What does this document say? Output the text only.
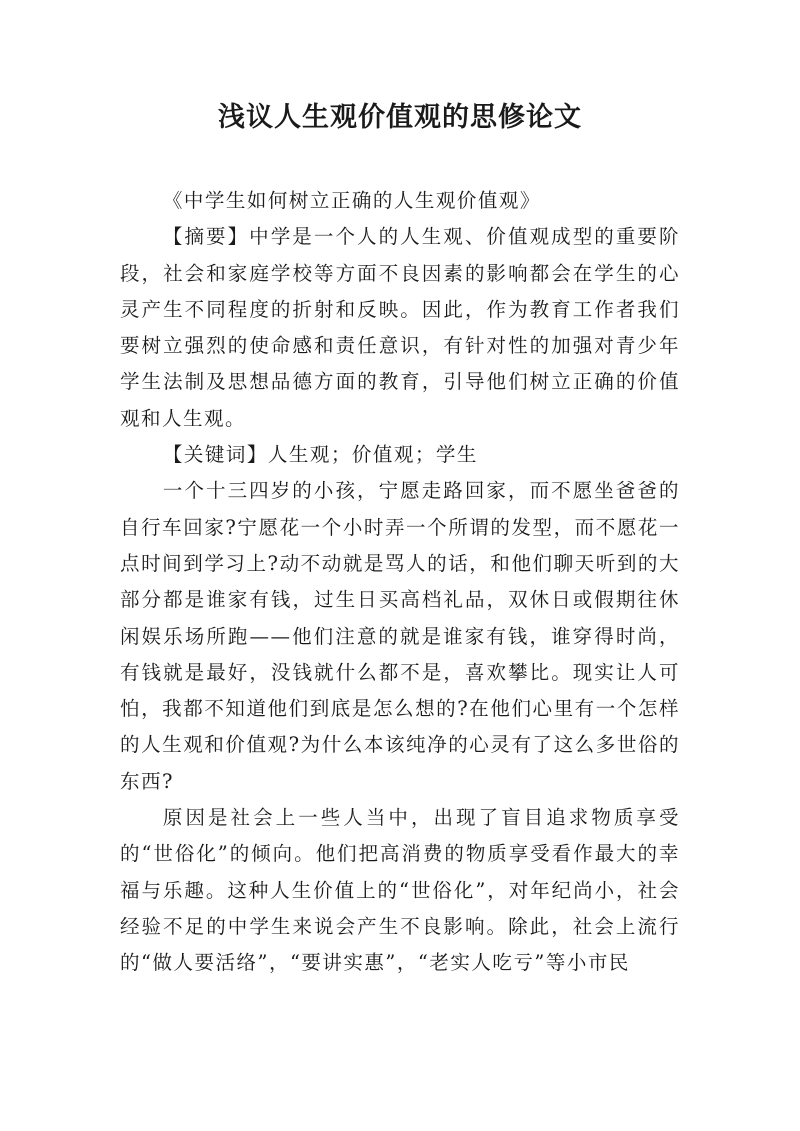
浅议人生观价值观的思修论文

《中学生如何树立正确的人生观价值观》

【摘要】中学是一个人的人生观、价值观成型的重要阶段，社会和家庭学校等方面不良因素的影响都会在学生的心灵产生不同程度的折射和反映。因此，作为教育工作者我们要树立强烈的使命感和责任意识，有针对性的加强对青少年学生法制及思想品德方面的教育，引导他们树立正确的价值观和人生观。

【关键词】人生观；价值观；学生

一个十三四岁的小孩，宁愿走路回家，而不愿坐爸爸的自行车回家?宁愿花一个小时弄一个所谓的发型，而不愿花一点时间到学习上?动不动就是骂人的话，和他们聊天听到的大部分都是谁家有钱，过生日买高档礼品，双休日或假期往休闲娱乐场所跑——他们注意的就是谁家有钱，谁穿得时尚，有钱就是最好，没钱就什么都不是，喜欢攀比。现实让人可怕，我都不知道他们到底是怎么想的?在他们心里有一个怎样的人生观和价值观?为什么本该纯净的心灵有了这么多世俗的东西?

原因是社会上一些人当中，出现了盲目追求物质享受的“世俗化”的倾向。他们把高消费的物质享受看作最大的幸福与乐趣。这种人生价值上的“世俗化”，对年纪尚小，社会经验不足的中学生来说会产生不良影响。除此，社会上流行的“做人要活络”，“要讲实惠”，“老实人吃亏”等小市民
